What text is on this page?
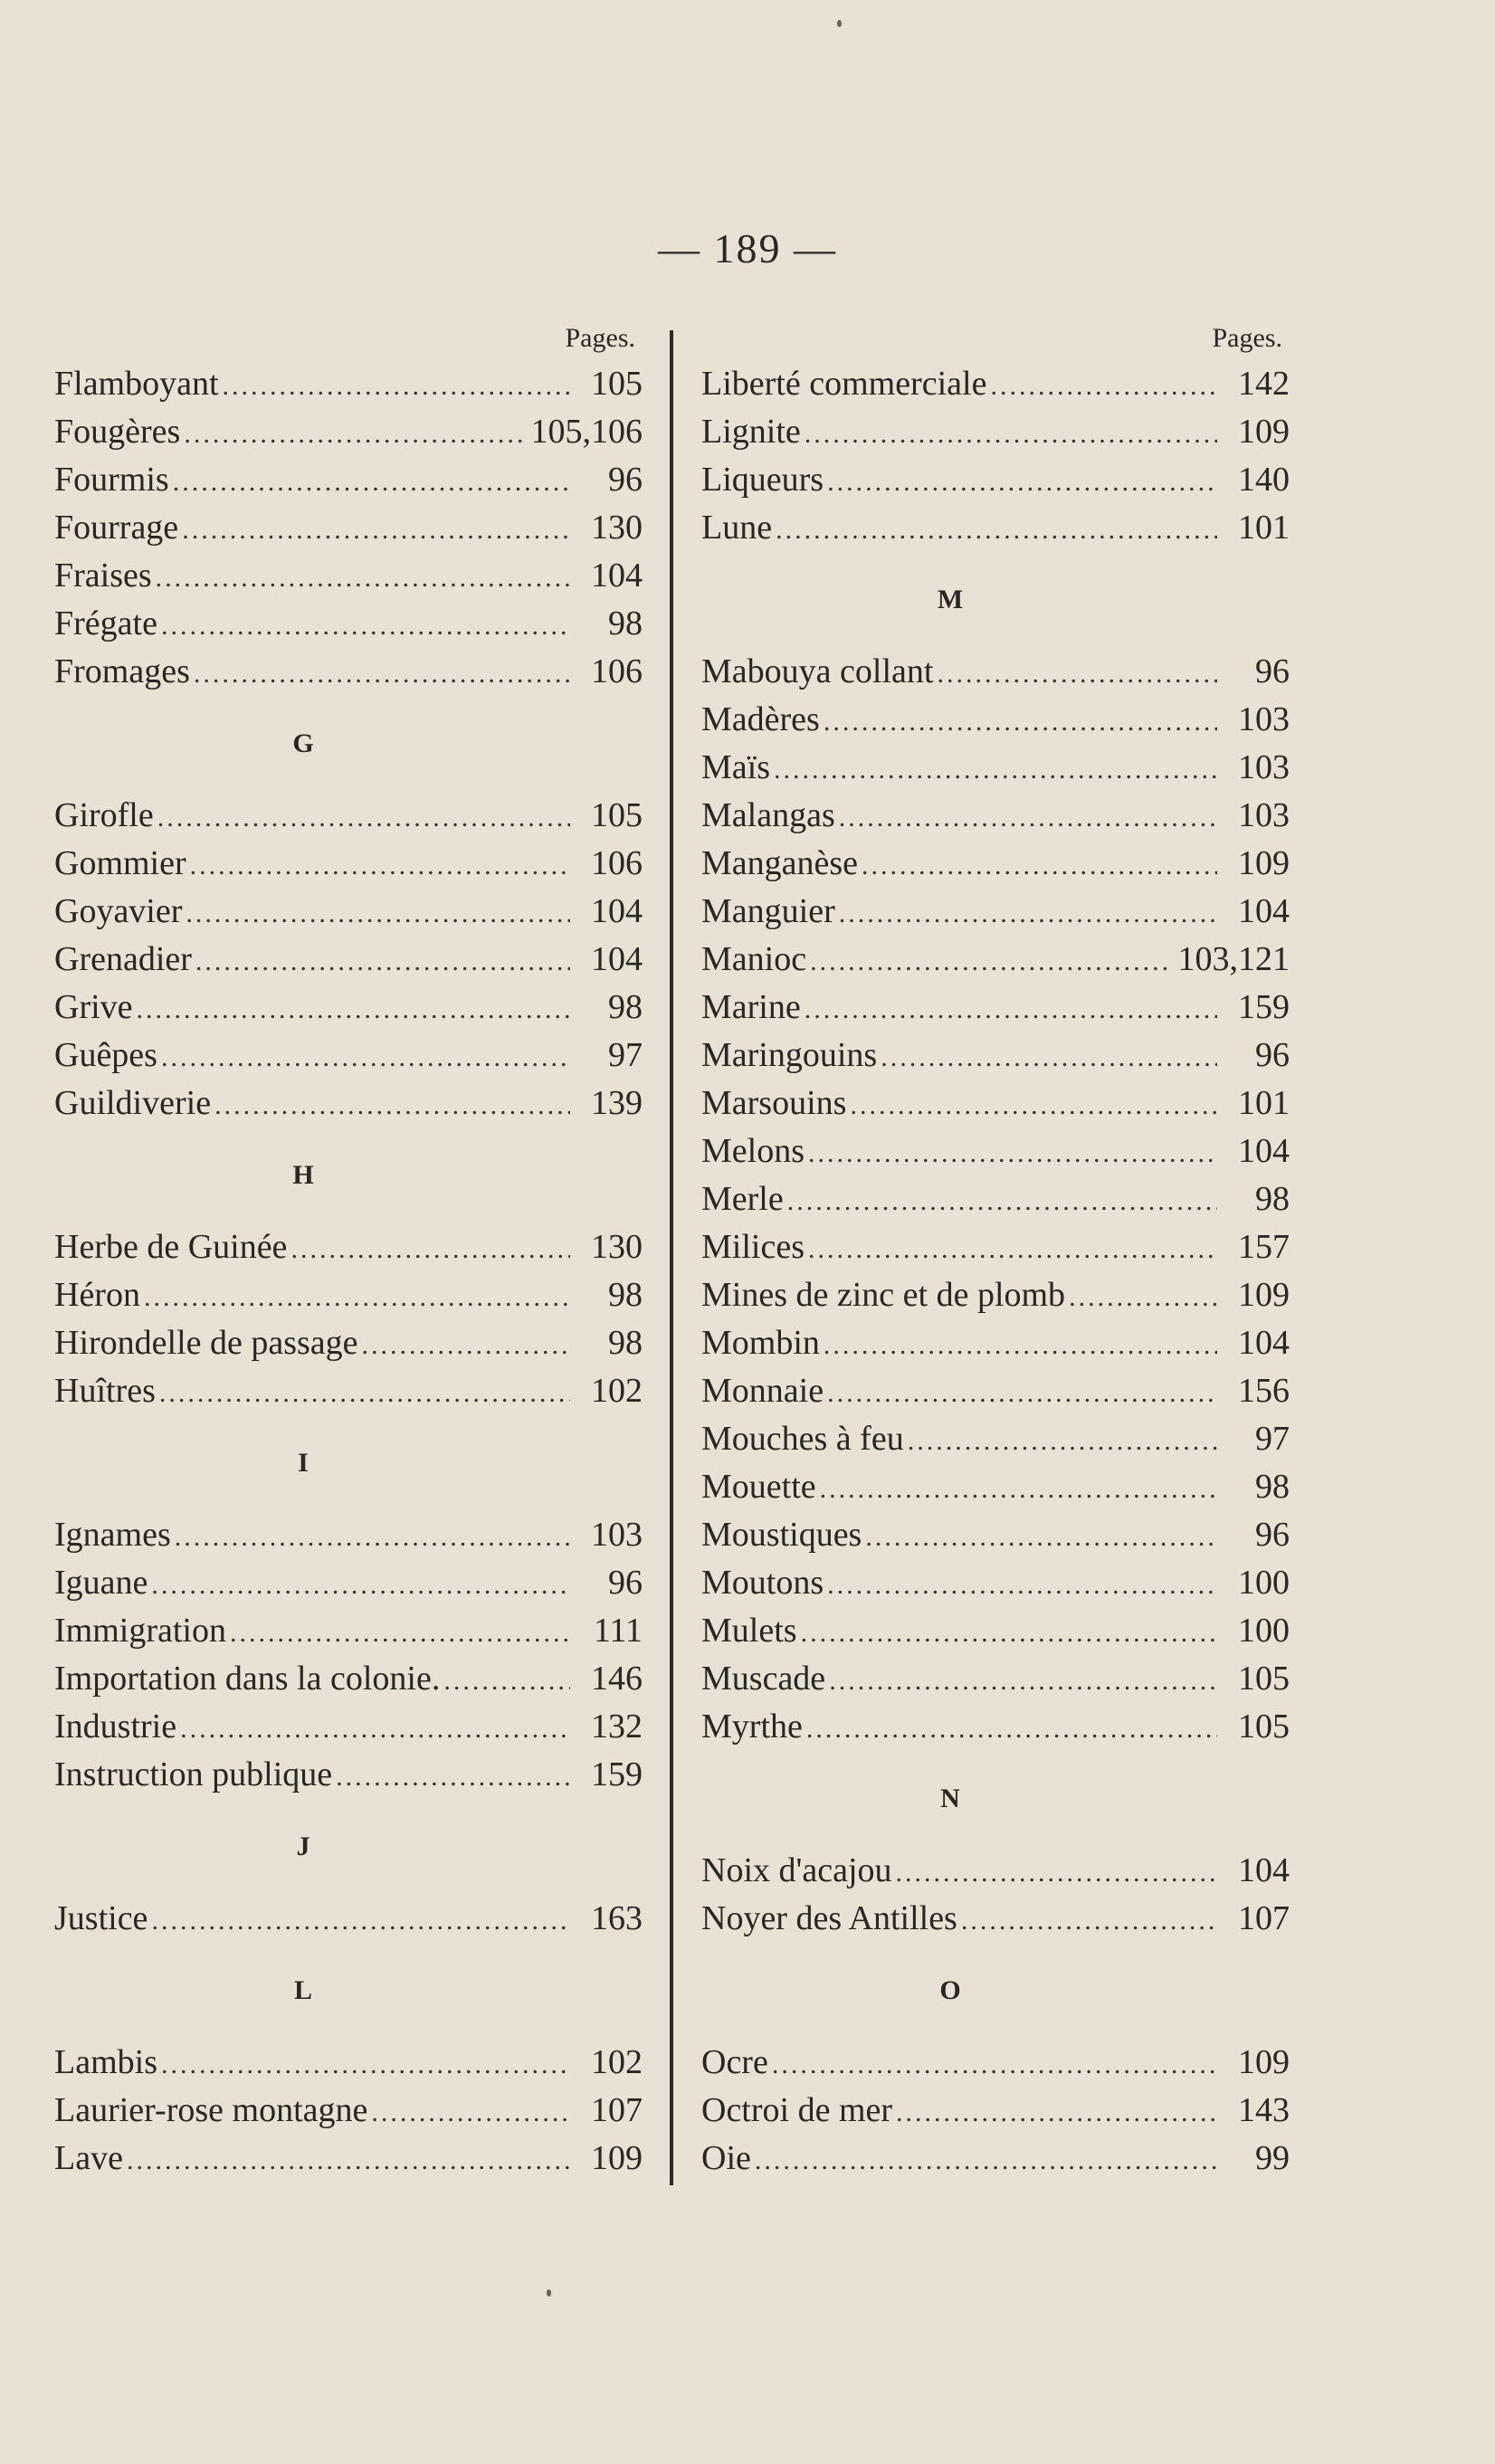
— 189 —
Pages.
Flamboyant .....	105
Fougères .....	105,106
Fourmis .....	96
Fourrage .....	130
Fraises .....	104
Frégate .....	98
Fromages .....	106
G
Girofle .....	105
Gommier .....	106
Goyavier .....	104
Grenadier .....	104
Grive .....	98
Guêpes .....	97
Guildiverie .....	139
H
Herbe de Guinée .....	130
Héron .....	98
Hirondelle de passage .....	98
Huîtres .....	102
I
Ignames .....	103
Iguane .....	96
Immigration .....	111
Importation dans la colonie. .....	146
Industrie .....	132
Instruction publique .....	159
J
Justice .....	163
L
Lambis .....	102
Laurier-rose montagne .....	107
Lave .....	109
Pages.
Liberté commerciale .....	142
Lignite .....	109
Liqueurs .....	140
Lune .....	101
M
Mabouya collant .....	96
Madères .....	103
Maïs .....	103
Malangas .....	103
Manganèse .....	109
Manguier .....	104
Manioc .....	103,121
Marine .....	159
Maringouins .....	96
Marsouins .....	101
Melons .....	104
Merle .....	98
Milices .....	157
Mines de zinc et de plomb .....	109
Mombin .....	104
Monnaie .....	156
Mouches à feu .....	97
Mouette .....	98
Moustiques .....	96
Moutons .....	100
Mulets .....	100
Muscade .....	105
Myrthe .....	105
N
Noix d'acajou .....	104
Noyer des Antilles .....	107
O
Ocre .....	109
Octroi de mer .....	143
Oie .....	99
